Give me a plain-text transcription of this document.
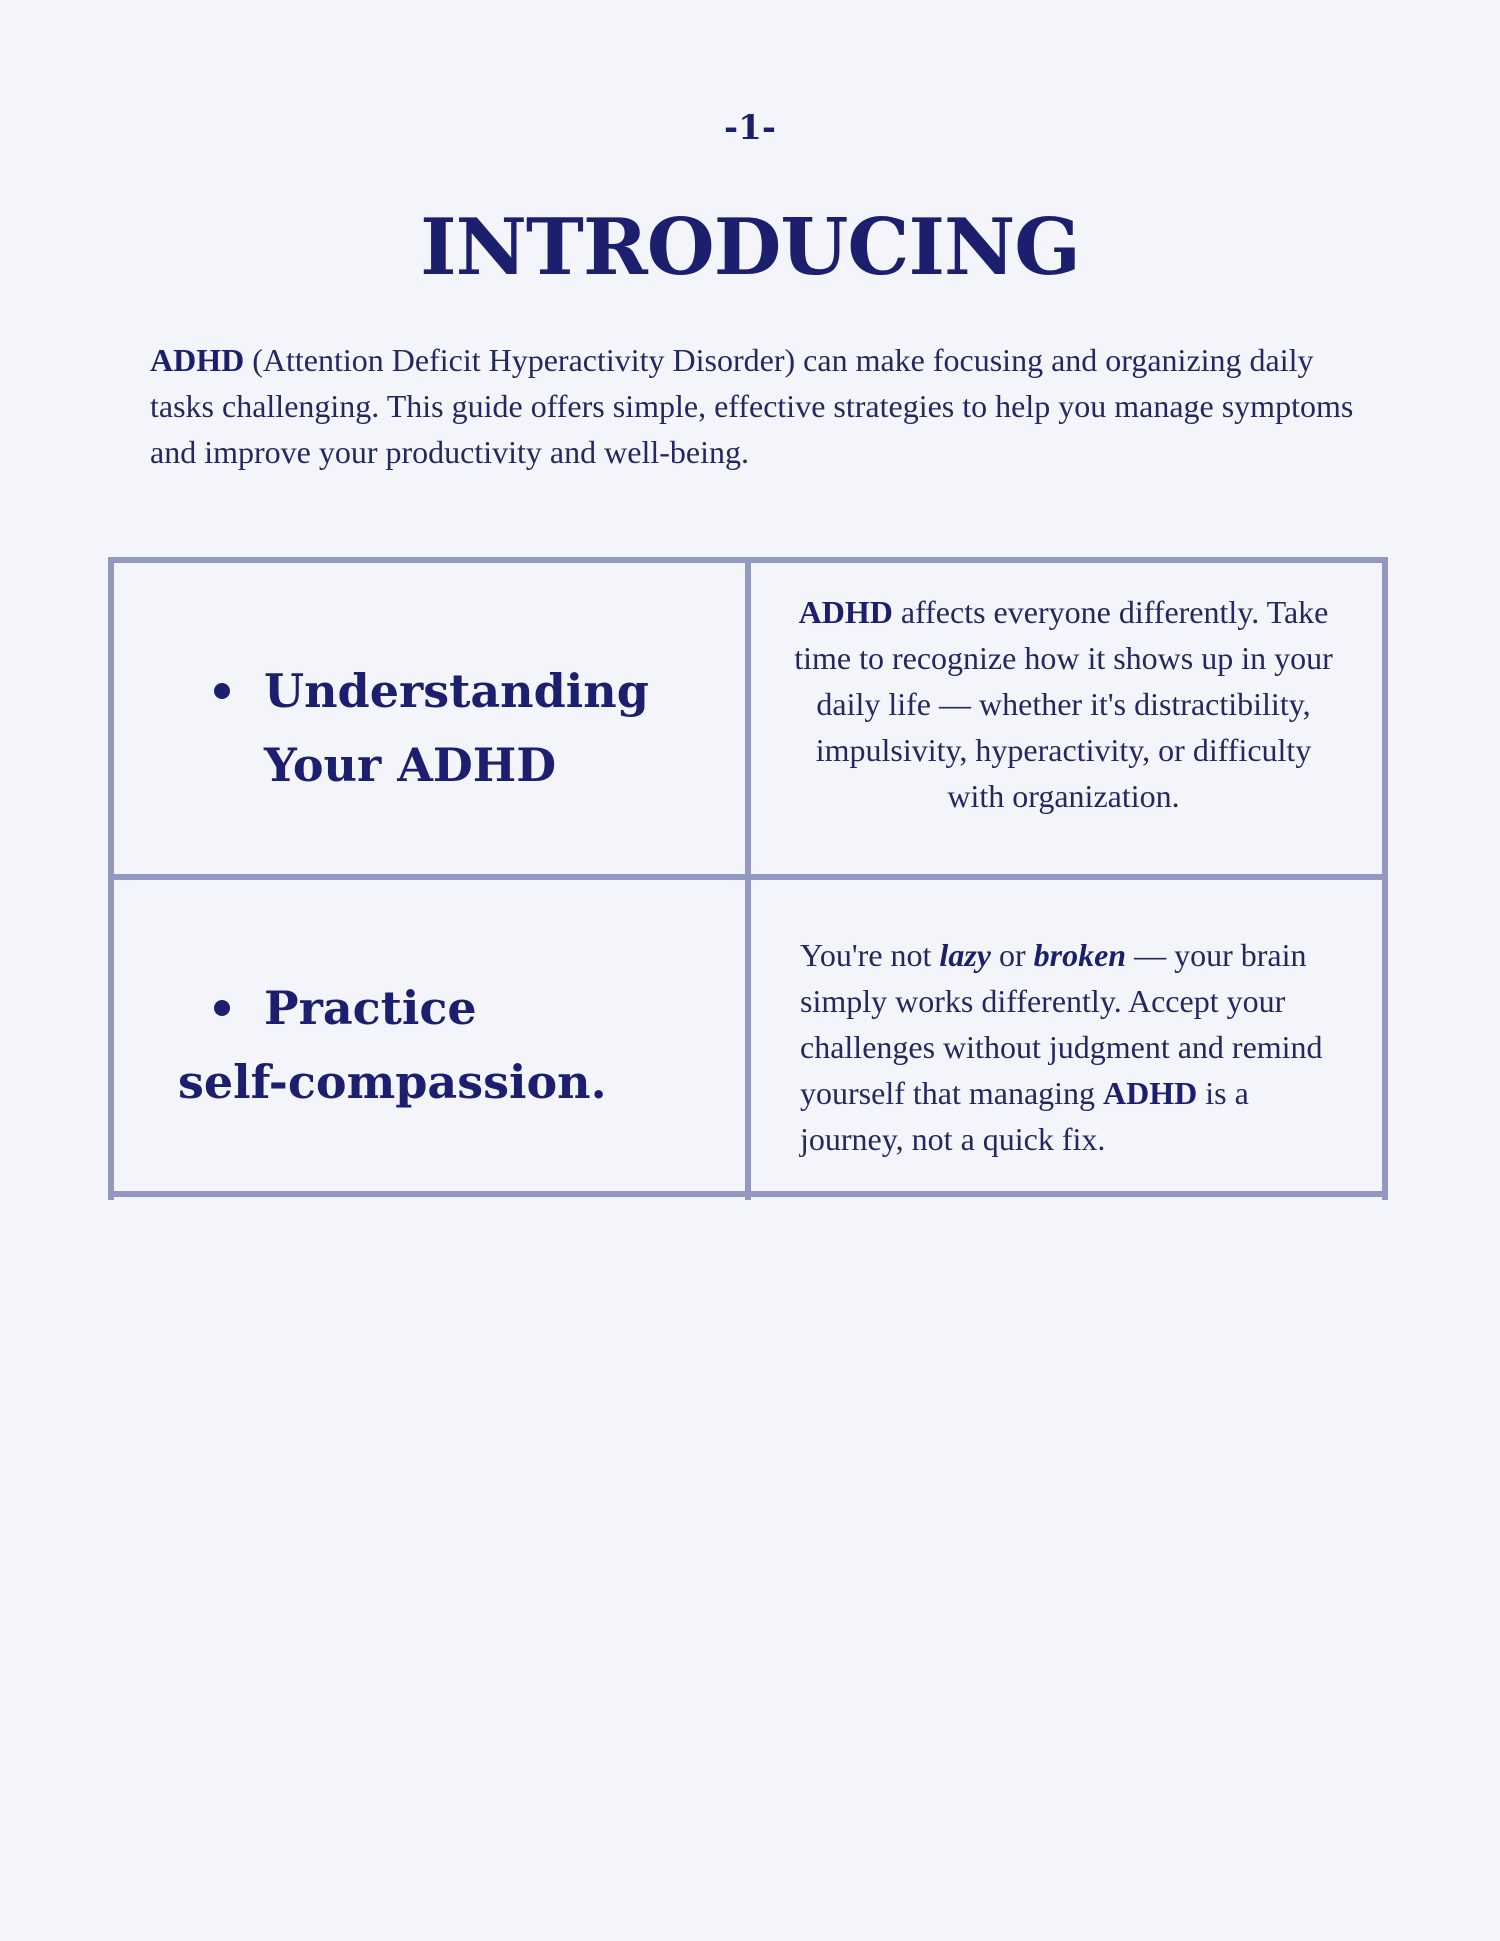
-1-
INTRODUCING

ADHD (Attention Deficit Hyperactivity Disorder) can make focusing and organizing daily tasks challenging. This guide offers simple, effective strategies to help you manage symptoms and improve your productivity and well-being.

Understanding
Your ADHD

ADHD affects everyone differently. Take time to recognize how it shows up in your daily life — whether it's distractibility, impulsivity, hyperactivity, or difficulty with organization.

Practice
self-compassion.

You're not lazy or broken — your brain simply works differently. Accept your challenges without judgment and remind yourself that managing ADHD is a journey, not a quick fix.
